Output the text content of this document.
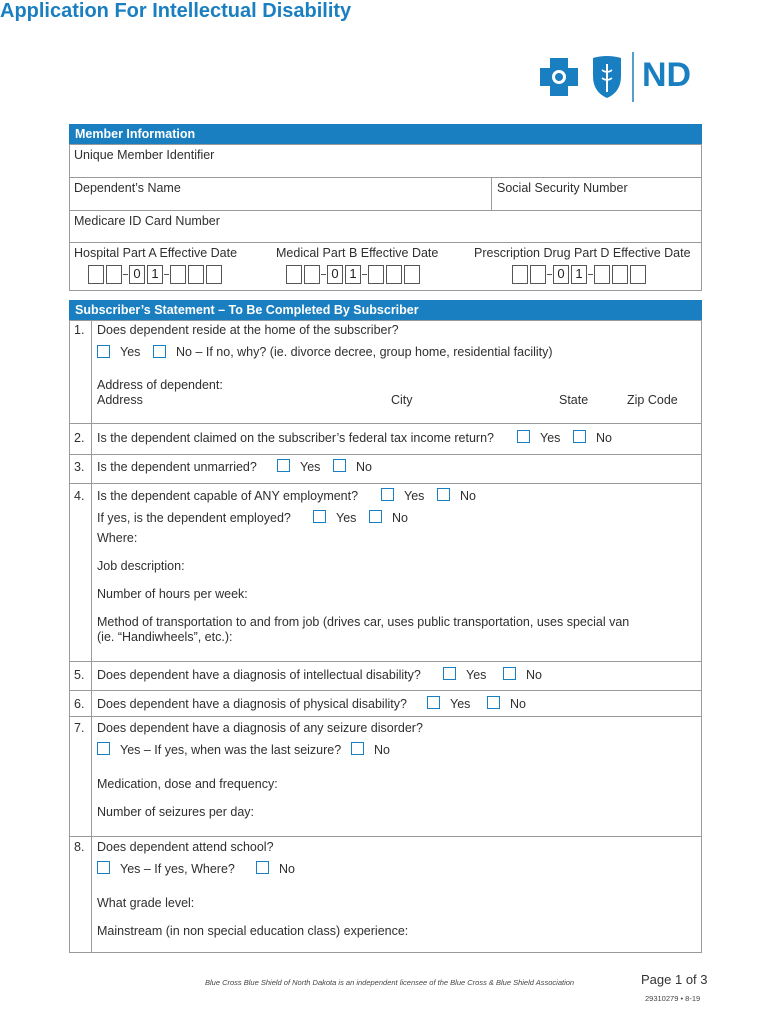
Application For Intellectual Disability
ND
Member Information
Unique Member Identifier
Dependent’s Name	Social Security Number
Medicare ID Card Number
Hospital Part A Effective Date	Medical Part B Effective Date	Prescription Drug Part D Effective Date
0 1	0 1	0 1
Subscriber’s Statement – To Be Completed By Subscriber
1. Does dependent reside at the home of the subscriber?
Yes	No – If no, why? (ie. divorce decree, group home, residential facility)
Address of dependent:
Address	City	State	Zip Code
2. Is the dependent claimed on the subscriber’s federal tax income return?	Yes	No
3. Is the dependent unmarried?	Yes	No
4. Is the dependent capable of ANY employment?	Yes	No
If yes, is the dependent employed?	Yes	No
Where:
Job description:
Number of hours per week:
Method of transportation to and from job (drives car, uses public transportation, uses special van
(ie. “Handiwheels”, etc.):
5. Does dependent have a diagnosis of intellectual disability?	Yes	No
6. Does dependent have a diagnosis of physical disability?	Yes	No
7. Does dependent have a diagnosis of any seizure disorder?
Yes – If yes, when was the last seizure?	No
Medication, dose and frequency:
Number of seizures per day:
8. Does dependent attend school?
Yes – If yes, Where?	No
What grade level:
Mainstream (in non special education class) experience:
Blue Cross Blue Shield of North Dakota is an independent licensee of the Blue Cross & Blue Shield Association	Page 1 of 3
29310279 • 8-19
